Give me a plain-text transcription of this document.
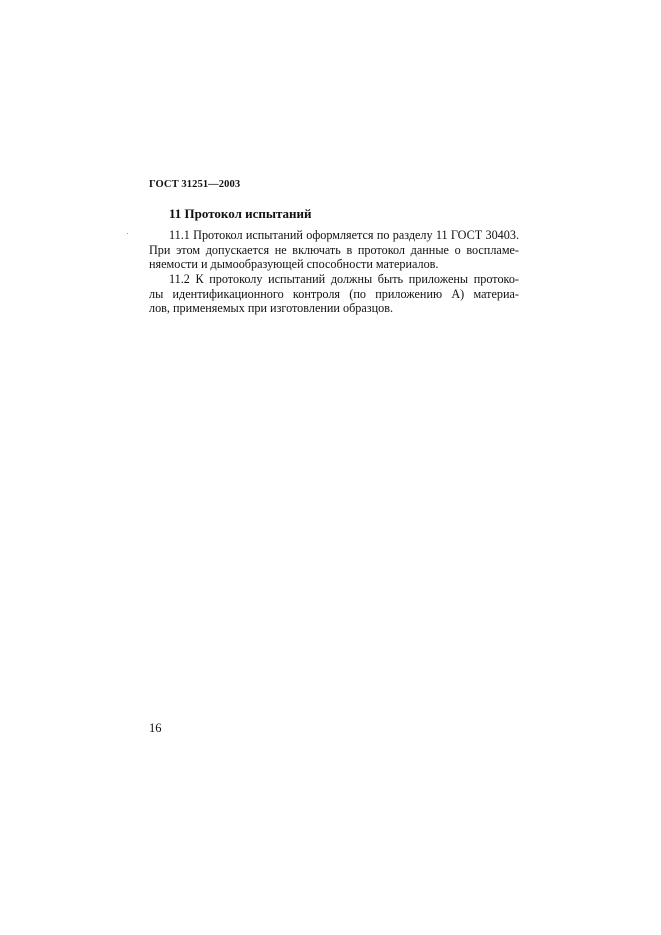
ГОСТ 31251—2003
11 Протокол испытаний
11.1 Протокол испытаний оформляется по разделу 11 ГОСТ 30403.
При этом допускается не включать в протокол данные о воспламе-
няемости и дымообразующей способности материалов.
11.2 К протоколу испытаний должны быть приложены протоко-
лы идентификационного контроля (по приложению А) материа-
лов, применяемых при изготовлении образцов.
16
